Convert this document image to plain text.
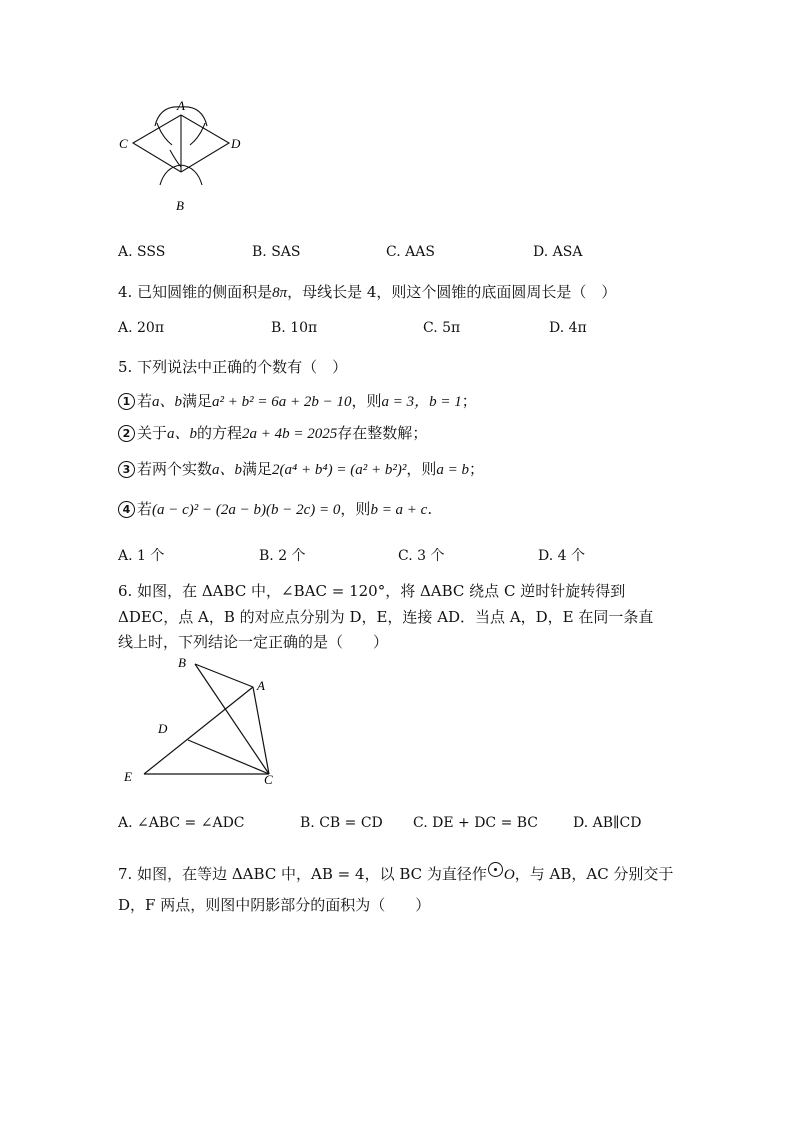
A
C	D
B
A. SSS	B. SAS	C. AAS	D. ASA
4. 已知圆锥的侧面积是8π，母线长是 4，则这个圆锥的底面圆周长是（　）
A. 20π	B. 10π	C. 5π	D. 4π
5. 下列说法中正确的个数有（　）
1 若a、b满足a² + b² = 6a + 2b − 10，则a = 3，b = 1；
2 关于a、b的方程2a + 4b = 2025存在整数解；
3 若两个实数a、b满足2(a⁴ + b⁴) = (a² + b²)²，则a = b；
4 若(a − c)² − (2a − b)(b − 2c) = 0，则b = a + c.
A. 1 个	B. 2 个	C. 3 个	D. 4 个
6. 如图，在 ΔABC 中，∠BAC = 120°，将 ΔABC 绕点 C 逆时针旋转得到
ΔDEC，点 A，B 的对应点分别为 D，E，连接 AD．当点 A，D，E 在同一条直
线上时，下列结论一定正确的是（　　）
B
A
D
E	C
A. ∠ABC = ∠ADC	B. CB = CD C. DE + DC = BC D. AB∥CD
7. 如图，在等边 ΔABC 中，AB = 4，以 BC 为直径作 O，与 AB，AC 分别交于
D，F 两点，则图中阴影部分的面积为（　　）
